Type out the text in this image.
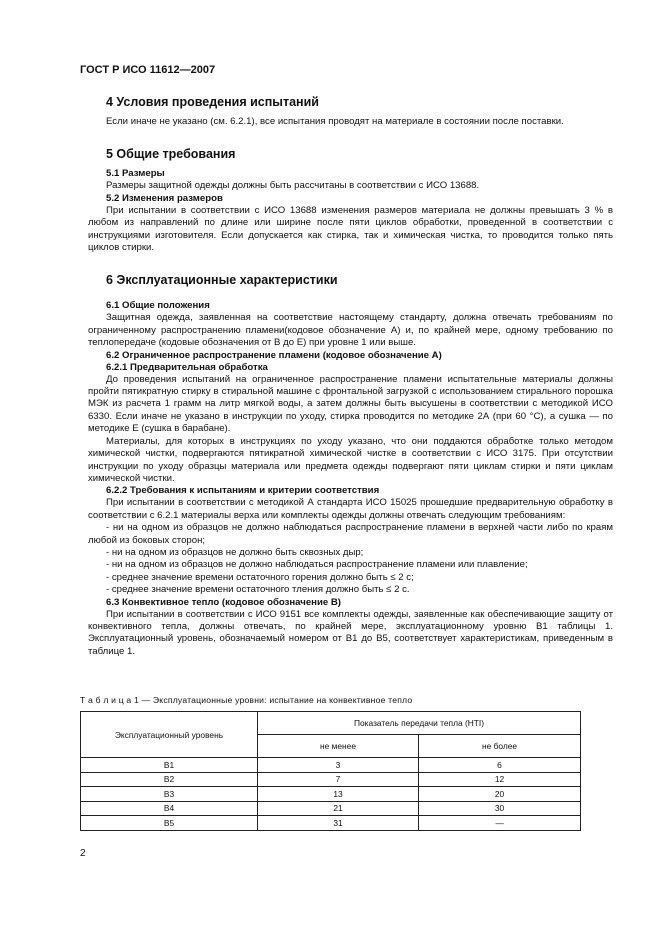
ГОСТ Р ИСО 11612—2007
4 Условия проведения испытаний

Если иначе не указано (см. 6.2.1), все испытания проводят на материале в состоянии после поставки.

5 Общие требования
5.1 Размеры

Размеры защитной одежды должны быть рассчитаны в соответствии с ИСО 13688.

5.2 Изменения размеров

При испытании в соответствии с ИСО 13688 изменения размеров материала не должны превышать 3 % в любом из направлений по длине или ширине после пяти циклов обработки, проведенной в соответствии с инструкциями изготовителя. Если допускается как стирка, так и химическая чистка, то проводится только пять циклов стирки.

6 Эксплуатационные характеристики
6.1 Общие положения

Защитная одежда, заявленная на соответствие настоящему стандарту, должна отвечать требованиям по ограниченному распространению пламени(кодовое обозначение А) и, по крайней мере, одному требованию по теплопередаче (кодовые обозначения от В до Е) при уровне 1 или выше.

6.2 Ограниченное распространение пламени (кодовое обозначение А)
6.2.1 Предварительная обработка

До проведения испытаний на ограниченное распространение пламени испытательные материалы должны пройти пятикратную стирку в стиральной машине с фронтальной загрузкой с использованием стирального порошка МЭК из расчета 1 грамм на литр мягкой воды, а затем должны быть высушены в соответствии с методикой ИСО 6330. Если иначе не указано в инструкции по уходу, стирка проводится по методике 2А (при 60 °С), а сушка — по методике Е (сушка в барабане).

Материалы, для которых в инструкциях по уходу указано, что они поддаются обработке только методом химической чистки, подвергаются пятикратной химической чистке в соответствии с ИСО 3175. При отсутствии инструкции по уходу образцы материала или предмета одежды подвергают пяти циклам стирки и пяти циклам химической чистки.

6.2.2 Требования к испытаниям и критерии соответствия

При испытании в соответствии с методикой А стандарта ИСО 15025 прошедшие предварительную обработку в соответствии с 6.2.1 материалы верха или комплекты одежды должны отвечать следующим требованиям:

- ни на одном из образцов не должно наблюдаться распространение пламени в верхней части либо по краям любой из боковых сторон;

- ни на одном из образцов не должно быть сквозных дыр;

- ни на одном из образцов не должно наблюдаться распространение пламени или плавление;

- среднее значение времени остаточного горения должно быть ≤ 2 с;

- среднее значение времени остаточного тления должно быть ≤ 2 с.

6.3 Конвективное тепло (кодовое обозначение В)

При испытании в соответствии с ИСО 9151 все комплекты одежды, заявленные как обеспечивающие защиту от конвективного тепла, должны отвечать, по крайней мере, эксплуатационному уровню В1 таблицы 1. Эксплуатационный уровень, обозначаемый номером от В1 до В5, соответствует характеристикам, приведенным в таблице 1.

Т а б л и ц а 1 — Эксплуатационные уровни: испытание на конвективное тепло
Эксплуатационный уровень	Показатель передачи тепла (HTI)	
	не менее	не более
В1	3	6
В2	7	12
В3	13	20
В4	21	30
В5	31	—
2
